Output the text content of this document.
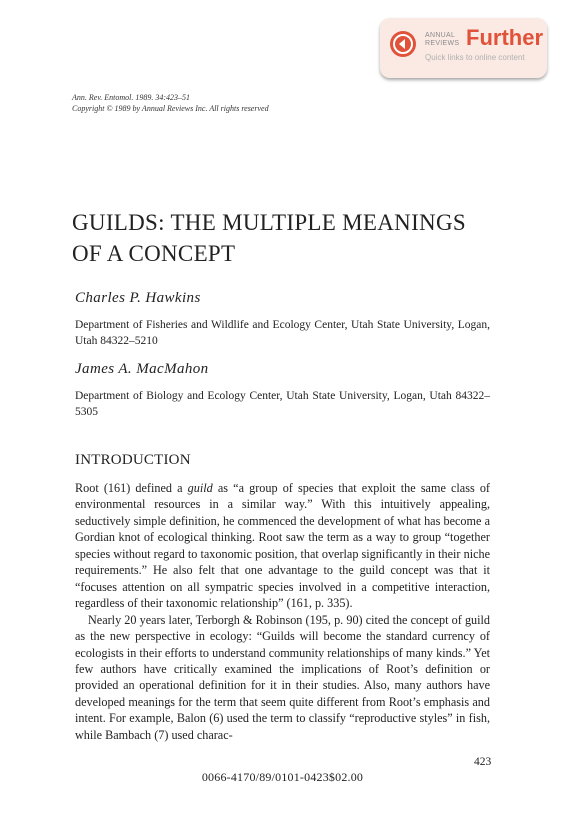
ANNUAL
REVIEWS Further
Quick links to online content
Ann. Rev. Entomol. 1989. 34:423–51
Copyright © 1989 by Annual Reviews Inc. All rights reserved
GUILDS: THE MULTIPLE MEANINGS
OF A CONCEPT
Charles P. Hawkins
Department of Fisheries and Wildlife and Ecology Center, Utah State University, Logan, Utah 84322–5210
James A. MacMahon
Department of Biology and Ecology Center, Utah State University, Logan, Utah 84322–5305
INTRODUCTION

Root (161) defined a guild as “a group of species that exploit the same class of environmental resources in a similar way.” With this intuitively appealing, seductively simple definition, he commenced the development of what has become a Gordian knot of ecological thinking. Root saw the term as a way to group “together species without regard to taxonomic position, that overlap significantly in their niche requirements.” He also felt that one advantage to the guild concept was that it “focuses attention on all sympatric species involved in a competitive interaction, regardless of their taxonomic relationship” (161, p. 335).

Nearly 20 years later, Terborgh & Robinson (195, p. 90) cited the concept of guild as the new perspective in ecology: “Guilds will become the standard currency of ecologists in their efforts to understand community relationships of many kinds.” Yet few authors have critically examined the implications of Root’s definition or provided an operational definition for it in their studies. Also, many authors have developed meanings for the term that seem quite different from Root’s emphasis and intent. For example, Balon (6) used the term to classify “reproductive styles” in fish, while Bambach (7) used charac-

423
0066-4170/89/0101-0423$02.00
